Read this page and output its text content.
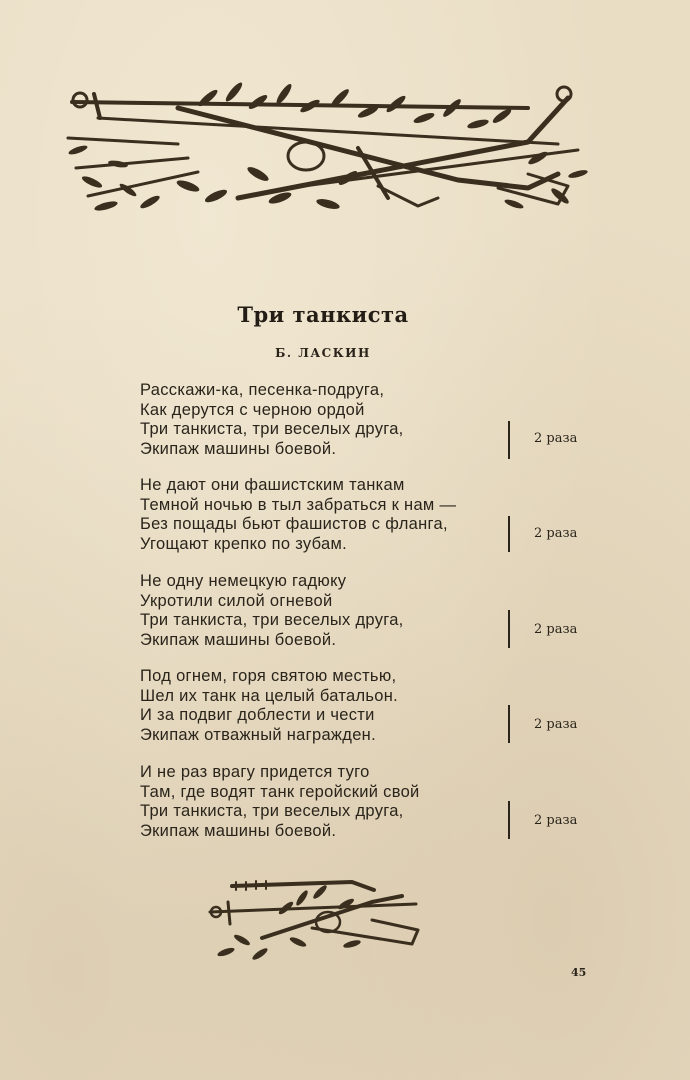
Три танкиста
Б. ЛАСКИН
Расскажи-ка, песенка-подруга,
Как дерутся с черною ордой
Три танкиста, три веселых друга,
Экипаж машины боевой.
2 раза
Не дают они фашистским танкам
Темной ночью в тыл забраться к нам —
Без пощады бьют фашистов с фланга,
Угощают крепко по зубам.
2 раза
Не одну немецкую гадюку
Укротили силой огневой
Три танкиста, три веселых друга,
Экипаж машины боевой.
2 раза
Под огнем, горя святою местью,
Шел их танк на целый батальон.
И за подвиг доблести и чести
Экипаж отважный награжден.
2 раза
И не раз врагу придется туго
Там, где водят танк геройский свой
Три танкиста, три веселых друга,
Экипаж машины боевой.
2 раза
45
